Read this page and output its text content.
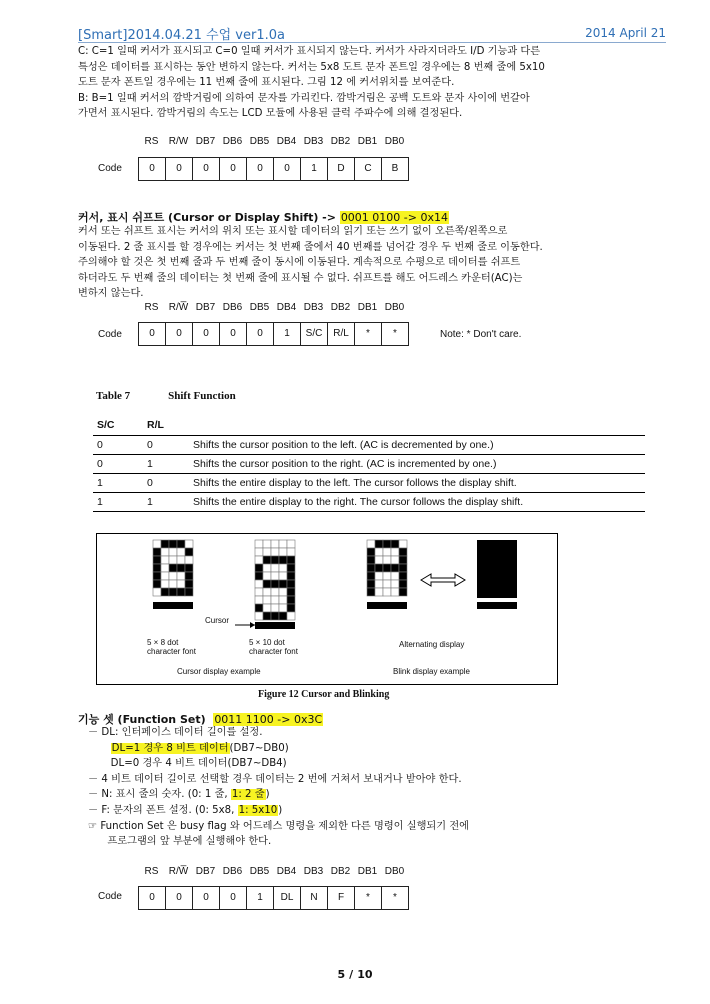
[Smart]2014.04.21 수업 ver1.0a	2014 April 21
C: C=1 일때 커서가 표시되고 C=0 일때 커서가 표시되지 않는다. 커서가 사라지더라도 I/D 기능과 다른
특성은 데이터를 표시하는 동안 변하지 않는다. 커서는 5x8 도트 문자 폰트일 경우에는 8 번째 줄에 5x10
도트 문자 폰트일 경우에는 11 번째 줄에 표시된다. 그림 12 에 커서위치를 보여준다.
B: B=1 일때 커서의 깜박거림에 의하여 문자를 가리킨다. 깜박거림은 공백 도트와 문자 사이에 번갈아
가면서 표시된다. 깜박거림의 속도는 LCD 모듈에 사용된 클럭 주파수에 의해 결정된다.
RS	R/W DB7 DB6 DB5 DB4 DB3 DB2 DB1 DB0
Code	0	0	0	0	0	0	1	D	C	B
커서, 표시 쉬프트 (Cursor or Display Shift) -> 0001 0100 -> 0x14
커서 또는 쉬프트 표시는 커서의 위치 또는 표시할 데이터의 읽기 또는 쓰기 없이 오른쪽/왼쪽으로
이동된다. 2 줄 표시를 할 경우에는 커서는 첫 번째 줄에서 40 번째를 넘어갈 경우 두 번째 줄로 이동한다.
주의해야 할 것은 첫 번째 줄과 두 번째 줄이 동시에 이동된다. 계속적으로 수평으로 데이터를 쉬프트
하더라도 두 번째 줄의 데이터는 첫 번째 줄에 표시될 수 없다. 쉬프트를 해도 어드레스 카운터(AC)는
변하지 않는다.
RS	R/W̅ DB7 DB6 DB5 DB4 DB3 DB2 DB1 DB0
Code	0	0	0	0	0	1	S/C	R/L	*	*	Note: * Don't care.
Table 7	Shift Function
S/C	R/L	
0	0	Shifts the cursor position to the left. (AC is decremented by one.)
0	1	Shifts the cursor position to the right. (AC is incremented by one.)
1	0	Shifts the entire display to the left. The cursor follows the display shift.
1	1	Shifts the entire display to the right. The cursor follows the display shift.
Cursor
5 × 8 dot
character font
5 × 10 dot
character font
Alternating display
Cursor display example	Blink display example
Figure 12 Cursor and Blinking
기능 셋 (Function Set) 0011 1100 -> 0x3C
－ DL: 인터페이스 데이터 길이를 설정.
DL=1 경우 8 비트 데이터(DB7~DB0)
DL=0 경우 4 비트 데이터(DB7~DB4)
－ 4 비트 데이터 길이로 선택할 경우 데이터는 2 번에 거쳐서 보내거나 받아야 한다.
－ N: 표시 줄의 숫자. (0: 1 줄, 1: 2 줄)
－ F: 문자의 폰트 설정. (0: 5x8, 1: 5x10)
☞ Function Set 은 busy flag 와 어드레스 명령을 제외한 다른 명령이 실행되기 전에
프로그램의 앞 부분에 실행해야 한다.
RS	R/W̅ DB7 DB6 DB5 DB4 DB3 DB2 DB1 DB0
Code	0	0	0	0	1	DL	N	F	*	*
5 / 10
